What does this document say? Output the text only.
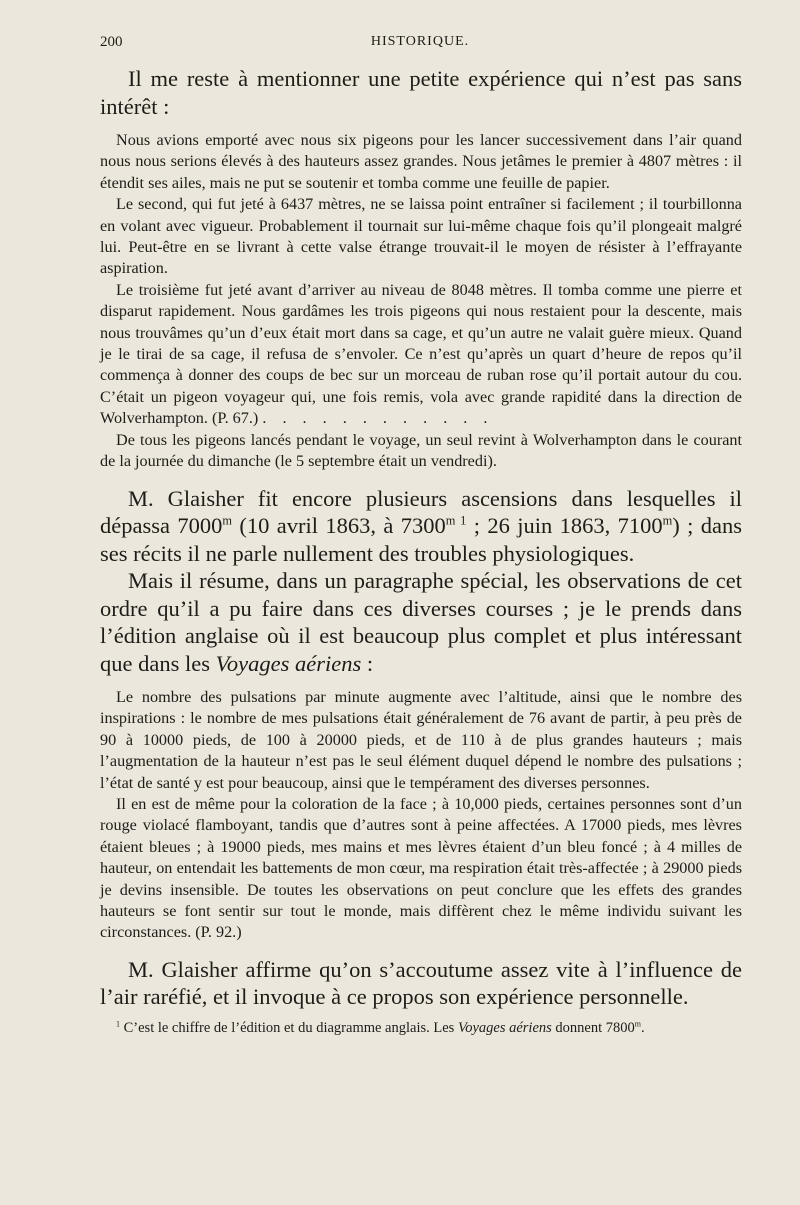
200	HISTORIQUE.

Il me reste à mentionner une petite expérience qui n’est pas sans intérêt :

Nous avions emporté avec nous six pigeons pour les lancer successivement dans l’air quand nous nous serions élevés à des hauteurs assez grandes. Nous jetâmes le premier à 4807 mètres : il étendit ses ailes, mais ne put se soutenir et tomba comme une feuille de papier.

Le second, qui fut jeté à 6437 mètres, ne se laissa point entraîner si facilement ; il tourbillonna en volant avec vigueur. Probablement il tournait sur lui-même chaque fois qu’il plongeait malgré lui. Peut-être en se livrant à cette valse étrange trouvait-il le moyen de résister à l’effrayante aspiration.

Le troisième fut jeté avant d’arriver au niveau de 8048 mètres. Il tomba comme une pierre et disparut rapidement. Nous gardâmes les trois pigeons qui nous restaient pour la descente, mais nous trouvâmes qu’un d’eux était mort dans sa cage, et qu’un autre ne valait guère mieux. Quand je le tirai de sa cage, il refusa de s’envoler. Ce n’est qu’après un quart d’heure de repos qu’il commença à donner des coups de bec sur un morceau de ruban rose qu’il portait autour du cou. C’était un pigeon voyageur qui, une fois remis, vola avec grande rapidité dans la direction de Wolverhampton. (P. 67.) . . . . . . . . . . . .

De tous les pigeons lancés pendant le voyage, un seul revint à Wolverhampton dans le courant de la journée du dimanche (le 5 septembre était un vendredi).

M. Glaisher fit encore plusieurs ascensions dans lesquelles il dépassa 7000$^m$ (10 avril 1863, à $7300^{m 1}$ ; 26 juin 1863, 7100$^m$) ; dans ses récits il ne parle nullement des troubles physiologiques.

Mais il résume, dans un paragraphe spécial, les observations de cet ordre qu’il a pu faire dans ces diverses courses ; je le prends dans l’édition anglaise où il est beaucoup plus complet et plus intéressant que dans les Voyages aériens :

Le nombre des pulsations par minute augmente avec l’altitude, ainsi que le nombre des inspirations : le nombre de mes pulsations était généralement de 76 avant de partir, à peu près de 90 à 10000 pieds, de 100 à 20000 pieds, et de 110 à de plus grandes hauteurs ; mais l’augmentation de la hauteur n’est pas le seul élément duquel dépend le nombre des pulsations ; l’état de santé y est pour beaucoup, ainsi que le tempérament des diverses personnes.

Il en est de même pour la coloration de la face ; à 10,000 pieds, certaines personnes sont d’un rouge violacé flamboyant, tandis que d’autres sont à peine affectées. A 17000 pieds, mes lèvres étaient bleues ; à 19000 pieds, mes mains et mes lèvres étaient d’un bleu foncé ; à 4 milles de hauteur, on entendait les battements de mon cœur, ma respiration était très-affectée ; à 29000 pieds je devins insensible. De toutes les observations on peut conclure que les effets des grandes hauteurs se font sentir sur tout le monde, mais diffèrent chez le même individu suivant les circonstances. (P. 92.)

M. Glaisher affirme qu’on s’accoutume assez vite à l’influence de l’air raréfié, et il invoque à ce propos son expérience personnelle.

$^1$ C’est le chiffre de l’édition et du diagramme anglais. Les Voyages aériens donnent 7800$^m$.
